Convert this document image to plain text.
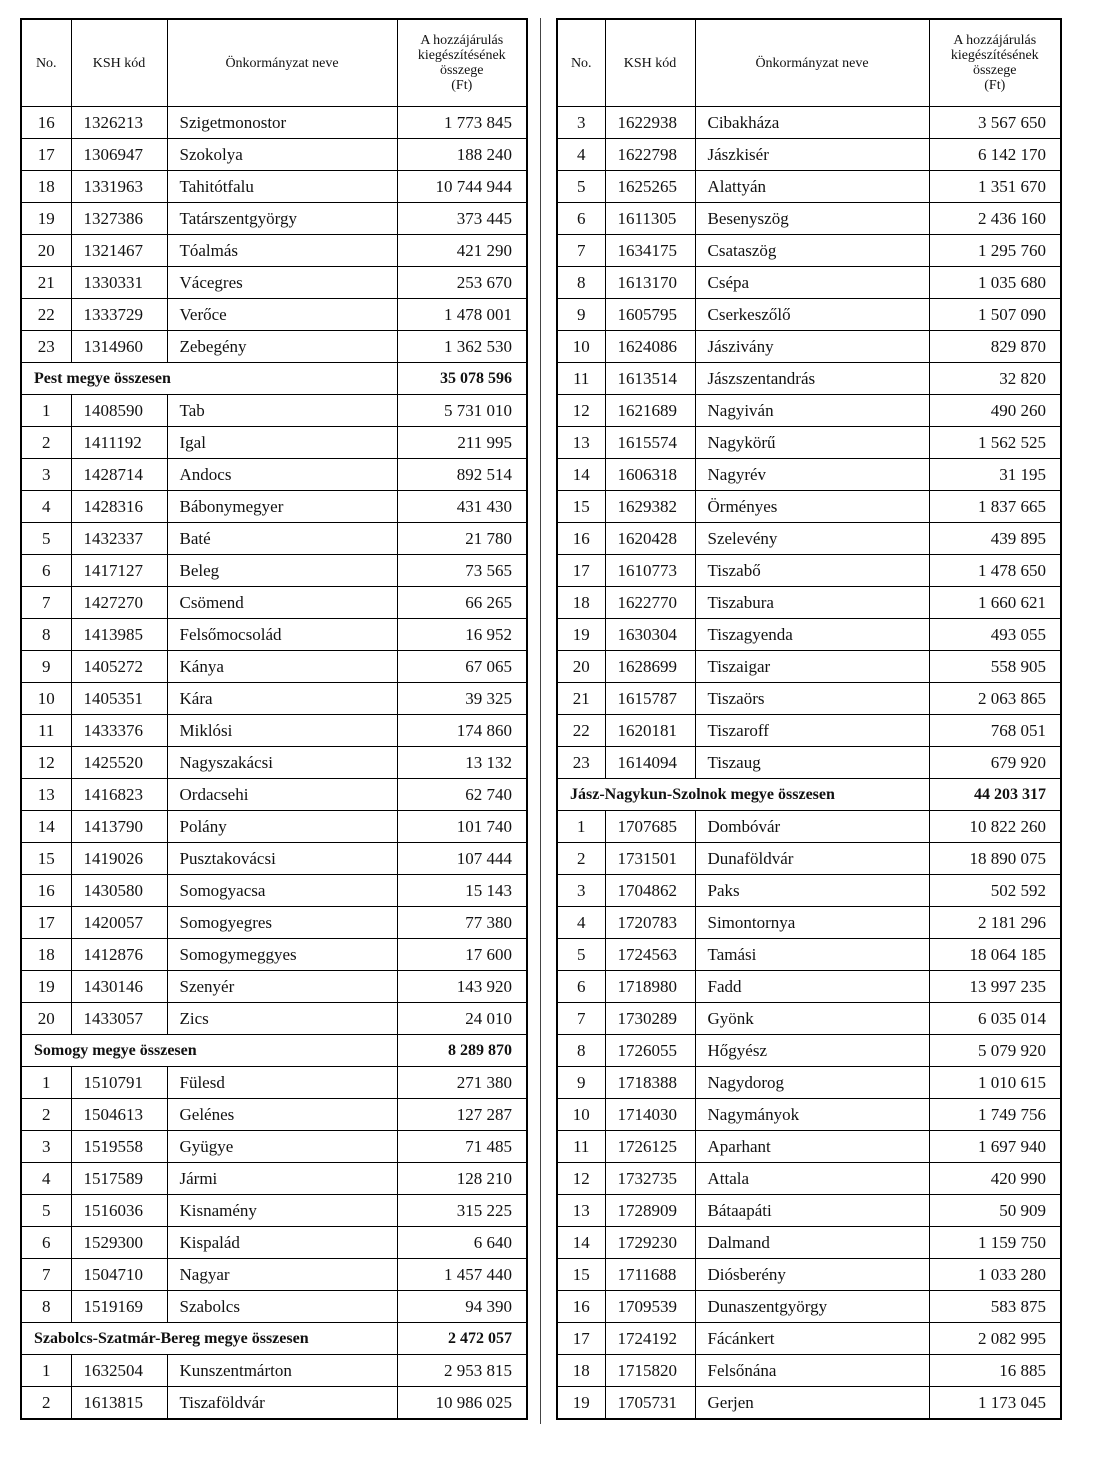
No.	KSH kód	Önkormányzat neve	A hozzájárulás
kiegészítésének
összege
(Ft)
16	1326213	Szigetmonostor	1 773 845
17	1306947	Szokolya	188 240
18	1331963	Tahitótfalu	10 744 944
19	1327386	Tatárszentgyörgy	373 445
20	1321467	Tóalmás	421 290
21	1330331	Vácegres	253 670
22	1333729	Verőce	1 478 001
23	1314960	Zebegény	1 362 530
Pest megye összesen			35 078 596
1	1408590	Tab	5 731 010
2	1411192	Igal	211 995
3	1428714	Andocs	892 514
4	1428316	Bábonymegyer	431 430
5	1432337	Baté	21 780
6	1417127	Beleg	73 565
7	1427270	Csömend	66 265
8	1413985	Felsőmocsolád	16 952
9	1405272	Kánya	67 065
10	1405351	Kára	39 325
11	1433376	Miklósi	174 860
12	1425520	Nagyszakácsi	13 132
13	1416823	Ordacsehi	62 740
14	1413790	Polány	101 740
15	1419026	Pusztakovácsi	107 444
16	1430580	Somogyacsa	15 143
17	1420057	Somogyegres	77 380
18	1412876	Somogymeggyes	17 600
19	1430146	Szenyér	143 920
20	1433057	Zics	24 010
Somogy megye összesen			8 289 870
1	1510791	Fülesd	271 380
2	1504613	Gelénes	127 287
3	1519558	Gyügye	71 485
4	1517589	Jármi	128 210
5	1516036	Kisnamény	315 225
6	1529300	Kispalád	6 640
7	1504710	Nagyar	1 457 440
8	1519169	Szabolcs	94 390
Szabolcs-Szatmár-Bereg megye összesen			2 472 057
1	1632504	Kunszentmárton	2 953 815
2	1613815	Tiszaföldvár	10 986 025
No.	KSH kód	Önkormányzat neve	A hozzájárulás
kiegészítésének
összege
(Ft)
3	1622938	Cibakháza	3 567 650
4	1622798	Jászkisér	6 142 170
5	1625265	Alattyán	1 351 670
6	1611305	Besenyszög	2 436 160
7	1634175	Csataszög	1 295 760
8	1613170	Csépa	1 035 680
9	1605795	Cserkeszőlő	1 507 090
10	1624086	Jászivány	829 870
11	1613514	Jászszentandrás	32 820
12	1621689	Nagyiván	490 260
13	1615574	Nagykörű	1 562 525
14	1606318	Nagyrév	31 195
15	1629382	Örményes	1 837 665
16	1620428	Szelevény	439 895
17	1610773	Tiszabő	1 478 650
18	1622770	Tiszabura	1 660 621
19	1630304	Tiszagyenda	493 055
20	1628699	Tiszaigar	558 905
21	1615787	Tiszaörs	2 063 865
22	1620181	Tiszaroff	768 051
23	1614094	Tiszaug	679 920
Jász-Nagykun-Szolnok megye összesen			44 203 317
1	1707685	Dombóvár	10 822 260
2	1731501	Dunaföldvár	18 890 075
3	1704862	Paks	502 592
4	1720783	Simontornya	2 181 296
5	1724563	Tamási	18 064 185
6	1718980	Fadd	13 997 235
7	1730289	Gyönk	6 035 014
8	1726055	Hőgyész	5 079 920
9	1718388	Nagydorog	1 010 615
10	1714030	Nagymányok	1 749 756
11	1726125	Aparhant	1 697 940
12	1732735	Attala	420 990
13	1728909	Bátaapáti	50 909
14	1729230	Dalmand	1 159 750
15	1711688	Diósberény	1 033 280
16	1709539	Dunaszentgyörgy	583 875
17	1724192	Fácánkert	2 082 995
18	1715820	Felsőnána	16 885
19	1705731	Gerjen	1 173 045
